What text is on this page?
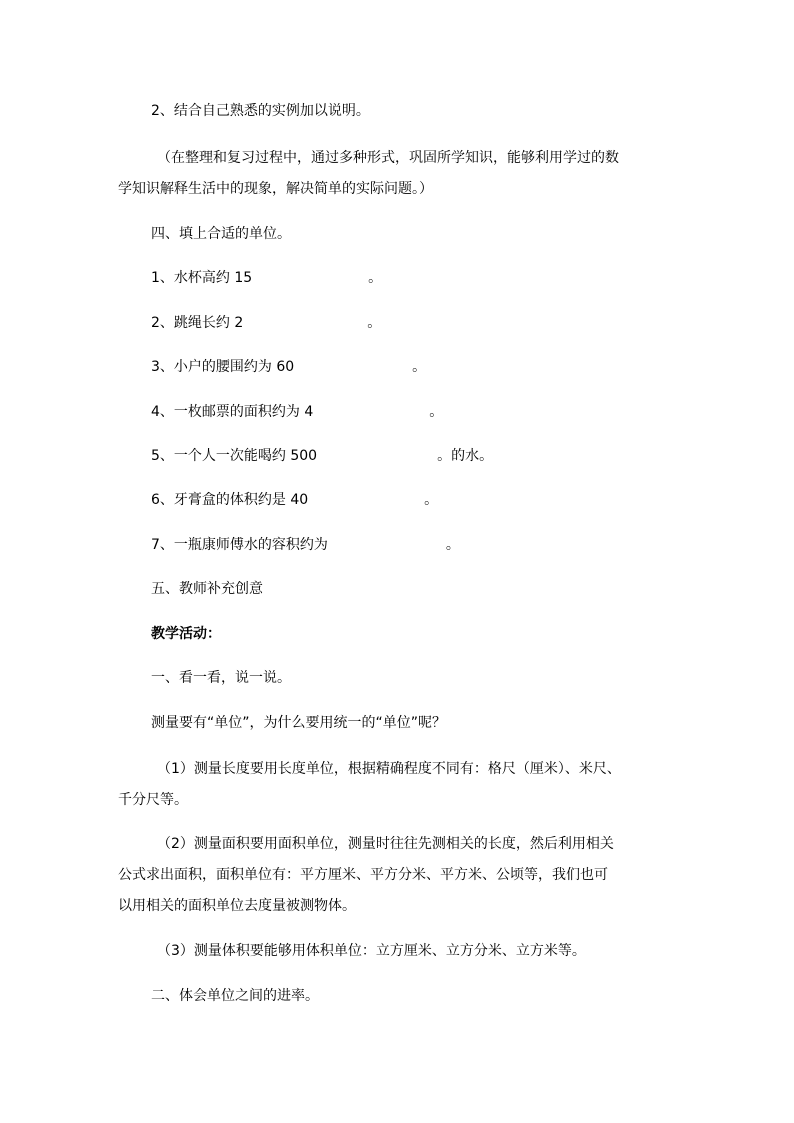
2、结合自己熟悉的实例加以说明。

（在整理和复习过程中，通过多种形式，巩固所学知识，能够利用学过的数

学知识解释生活中的现象，解决简单的实际问题。）

四、填上合适的单位。

1、水杯高约 15	。

2、跳绳长约 2	。

3、小户的腰围约为 60	。

4、一枚邮票的面积约为 4	。

5、一个人一次能喝约 500	。的水。

6、牙膏盒的体积约是 40	。

7、一瓶康师傅水的容积约为	。

五、教师补充创意

教学活动：

一、看一看，说一说。

测量要有“单位”，为什么要用统一的“单位”呢？

（1）测量长度要用长度单位，根据精确程度不同有：格尺（厘米）、米尺、

千分尺等。

（2）测量面积要用面积单位，测量时往往先测相关的长度，然后利用相关

公式求出面积，面积单位有：平方厘米、平方分米、平方米、公顷等，我们也可

以用相关的面积单位去度量被测物体。

（3）测量体积要能够用体积单位：立方厘米、立方分米、立方米等。

二、体会单位之间的进率。
